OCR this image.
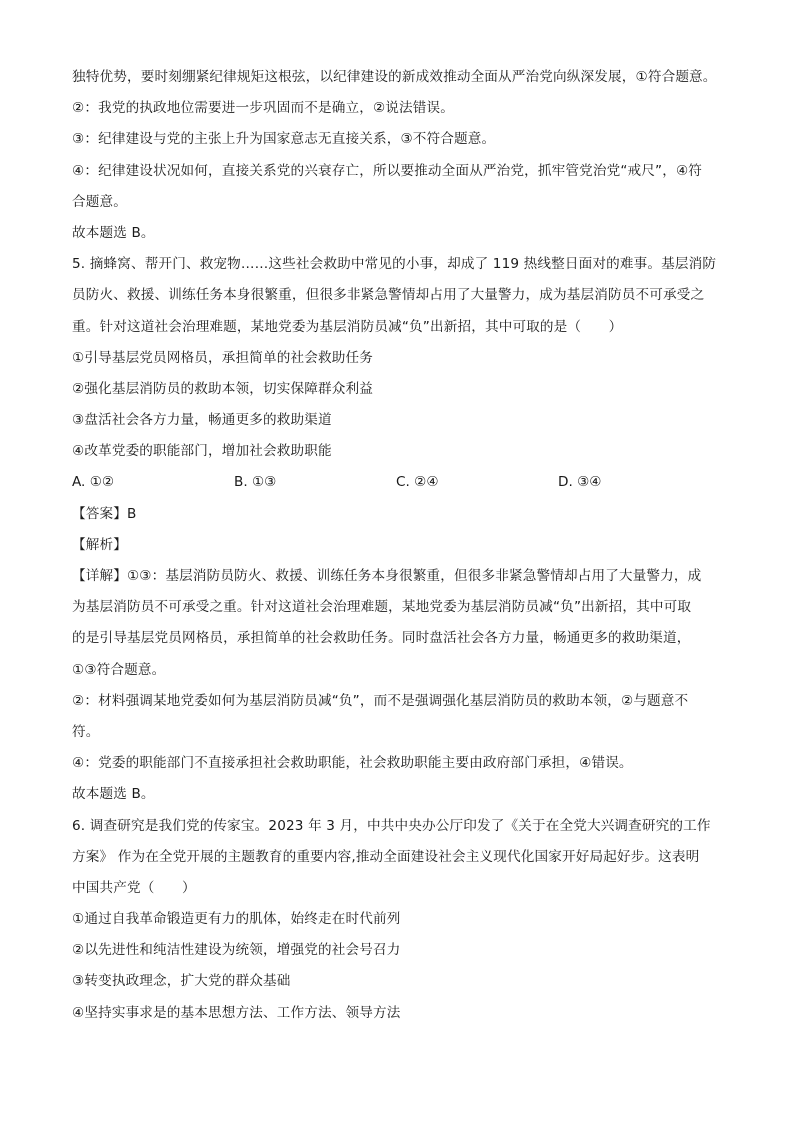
独特优势，要时刻绷紧纪律规矩这根弦，以纪律建设的新成效推动全面从严治党向纵深发展，①符合题意。
②：我党的执政地位需要进一步巩固而不是确立，②说法错误。
③：纪律建设与党的主张上升为国家意志无直接关系，③不符合题意。
④：纪律建设状况如何，直接关系党的兴衰存亡，所以要推动全面从严治党，抓牢管党治党“戒尺”，④符
合题意。
故本题选 B。
5. 摘蜂窝、帮开门、救宠物……这些社会救助中常见的小事，却成了 119 热线整日面对的难事。基层消防
员防火、救援、训练任务本身很繁重，但很多非紧急警情却占用了大量警力，成为基层消防员不可承受之
重。针对这道社会治理难题，某地党委为基层消防员减“负”出新招，其中可取的是（　　）
①引导基层党员网格员，承担简单的社会救助任务
②强化基层消防员的救助本领，切实保障群众利益
③盘活社会各方力量，畅通更多的救助渠道
④改革党委的职能部门，增加社会救助职能
A. ①②	B. ①③	C. ②④	D. ③④
【答案】B
【解析】
【详解】①③：基层消防员防火、救援、训练任务本身很繁重，但很多非紧急警情却占用了大量警力，成
为基层消防员不可承受之重。针对这道社会治理难题，某地党委为基层消防员减“负”出新招，其中可取
的是引导基层党员网格员，承担简单的社会救助任务。同时盘活社会各方力量，畅通更多的救助渠道，
①③符合题意。
②：材料强调某地党委如何为基层消防员减“负”，而不是强调强化基层消防员的救助本领，②与题意不
符。
④：党委的职能部门不直接承担社会救助职能，社会救助职能主要由政府部门承担，④错误。
故本题选 B。
6. 调查研究是我们党的传家宝。2023 年 3 月，中共中央办公厅印发了《关于在全党大兴调查研究的工作
方案》 作为在全党开展的主题教育的重要内容,推动全面建设社会主义现代化国家开好局起好步。这表明
中国共产党（　　）
①通过自我革命锻造更有力的肌体，始终走在时代前列
②以先进性和纯洁性建设为统领，增强党的社会号召力
③转变执政理念，扩大党的群众基础
④坚持实事求是的基本思想方法、工作方法、领导方法
